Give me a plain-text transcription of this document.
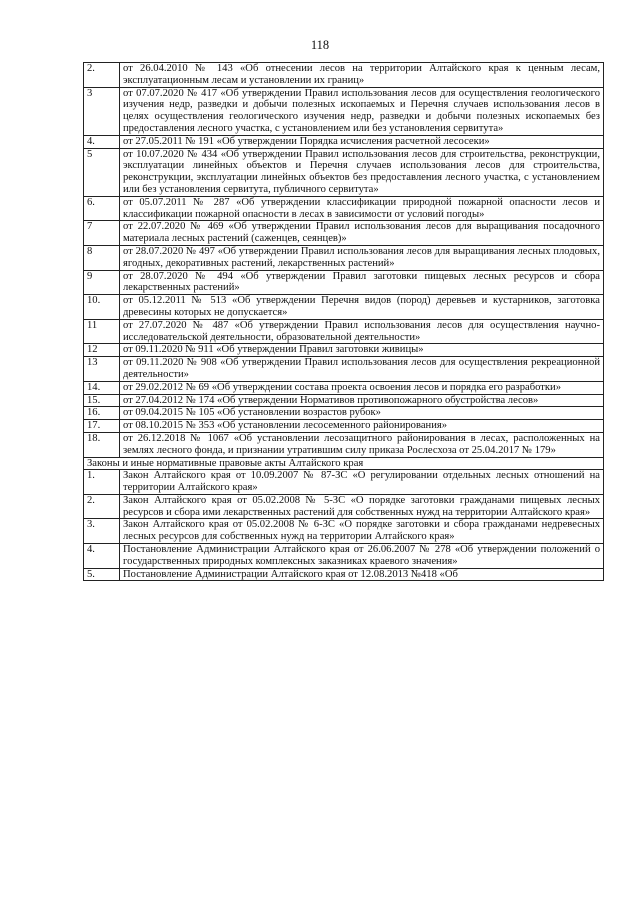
118
2.	от 26.04.2010 № 143 «Об отнесении лесов на территории Алтайского края к ценным лесам, эксплуатационным лесам и установлении их границ»
3	от 07.07.2020 № 417 «Об утверждении Правил использования лесов для осуществления геологического изучения недр, разведки и добычи полезных ископаемых и Перечня случаев использования лесов в целях осуществления геологического изучения недр, разведки и добычи полезных ископаемых без предоставления лесного участка, с установлением или без установления сервитута»
4.	от 27.05.2011 № 191 «Об утверждении Порядка исчисления расчетной лесосеки»
5	от 10.07.2020 № 434 «Об утверждении Правил использования лесов для строительства, реконструкции, эксплуатации линейных объектов и Перечня случаев использования лесов для строительства, реконструкции, эксплуатации линейных объектов без предоставления лесного участка, с установлением или без установления сервитута, публичного сервитута»
6.	от 05.07.2011 № 287 «Об утверждении классификации природной пожарной опасности лесов и классификации пожарной опасности в лесах в зависимости от условий погоды»
7	от 22.07.2020 № 469 «Об утверждении Правил использования лесов для выращивания посадочного материала лесных растений (саженцев, сеянцев)»
8	от 28.07.2020 № 497 «Об утверждении Правил использования лесов для выращивания лесных плодовых, ягодных, декоративных растений, лекарственных растений»
9	от 28.07.2020 № 494 «Об утверждении Правил заготовки пищевых лесных ресурсов и сбора лекарственных растений»
10.	от 05.12.2011 № 513 «Об утверждении Перечня видов (пород) деревьев и кустарников, заготовка древесины которых не допускается»
11	от 27.07.2020 № 487 «Об утверждении Правил использования лесов для осуществления научно-исследовательской деятельности, образовательной деятельности»
12	от 09.11.2020 № 911 «Об утверждении Правил заготовки живицы»
13	от 09.11.2020 № 908 «Об утверждении Правил использования лесов для осуществления рекреационной деятельности»
14.	от 29.02.2012 № 69 «Об утверждении состава проекта освоения лесов и порядка его разработки»
15.	от 27.04.2012 № 174 «Об утверждении Нормативов противопожарного обустройства лесов»
16.	от 09.04.2015 № 105 «Об установлении возрастов рубок»
17.	от 08.10.2015 № 353 «Об установлении лесосеменного районирования»
18.	от 26.12.2018 № 1067 «Об установлении лесозащитного районирования в лесах, расположенных на землях лесного фонда, и признании утратившим силу приказа Рослесхоза от 25.04.2017 № 179»
Законы и иные нормативные правовые акты Алтайского края	
1.	Закон Алтайского края от 10.09.2007 № 87-ЗС «О регулировании отдельных лесных отношений на территории Алтайского края»
2.	Закон Алтайского края от 05.02.2008 № 5-ЗС «О порядке заготовки гражданами пищевых лесных ресурсов и сбора ими лекарственных растений для собственных нужд на территории Алтайского края»
3.	Закон Алтайского края от 05.02.2008 № 6-ЗС «О порядке заготовки и сбора гражданами недревесных лесных ресурсов для собственных нужд на территории Алтайского края»
4.	Постановление Администрации Алтайского края от 26.06.2007 № 278 «Об утверждении положений о государственных природных комплексных заказниках краевого значения»
5.	Постановление Администрации Алтайского края от 12.08.2013 №418 «Об
